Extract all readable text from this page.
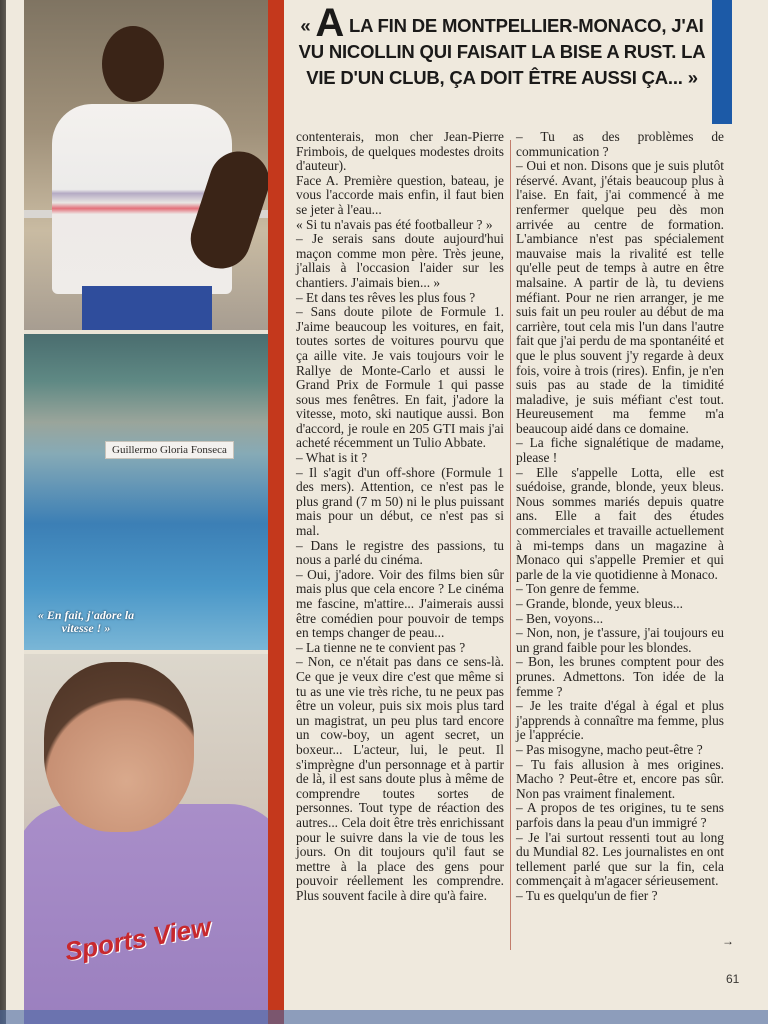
Guillermo Gloria Fonseca
« En fait, j'adore la vitesse ! »
Sports View
« A LA FIN DE MONTPELLIER-MONACO, J'AI VU NICOLLIN QUI FAISAIT LA BISE A RUST. LA VIE D'UN CLUB, ÇA DOIT ÊTRE AUSSI ÇA... »

contenterais, mon cher Jean-Pierre Frimbois, de quelques modestes droits d'auteur).

Face A. Première question, bateau, je vous l'accorde mais enfin, il faut bien se jeter à l'eau...

« Si tu n'avais pas été footballeur ? »

– Je serais sans doute aujourd'hui maçon comme mon père. Très jeune, j'allais à l'occasion l'aider sur les chantiers. J'aimais bien... »

– Et dans tes rêves les plus fous ?

– Sans doute pilote de Formule 1. J'aime beaucoup les voitures, en fait, toutes sortes de voitures pourvu que ça aille vite. Je vais toujours voir le Rallye de Monte-Carlo et aussi le Grand Prix de Formule 1 qui passe sous mes fenêtres. En fait, j'adore la vitesse, moto, ski nautique aussi. Bon d'accord, je roule en 205 GTI mais j'ai acheté récemment un Tulio Abbate.

– What is it ?

– Il s'agit d'un off-shore (Formule 1 des mers). Attention, ce n'est pas le plus grand (7 m 50) ni le plus puissant mais pour un début, ce n'est pas si mal.

– Dans le registre des passions, tu nous a parlé du cinéma.

– Oui, j'adore. Voir des films bien sûr mais plus que cela encore ? Le cinéma me fascine, m'attire... J'aimerais aussi être comédien pour pouvoir de temps en temps changer de peau...

– La tienne ne te convient pas ?

– Non, ce n'était pas dans ce sens-là. Ce que je veux dire c'est que même si tu as une vie très riche, tu ne peux pas être un voleur, puis six mois plus tard un magistrat, un peu plus tard encore un cow-boy, un agent secret, un boxeur... L'acteur, lui, le peut. Il s'imprègne d'un personnage et à partir de là, il est sans doute plus à même de comprendre toutes sortes de personnes. Tout type de réaction des autres... Cela doit être très enrichissant pour le suivre dans la vie de tous les jours. On dit toujours qu'il faut se mettre à la place des gens pour pouvoir réellement les comprendre. Plus souvent facile à dire qu'à faire.

– Tu as des problèmes de communication ?

– Oui et non. Disons que je suis plutôt réservé. Avant, j'étais beaucoup plus à l'aise. En fait, j'ai commencé à me renfermer quelque peu dès mon arrivée au centre de formation. L'ambiance n'est pas spécialement mauvaise mais la rivalité est telle qu'elle peut de temps à autre en être malsaine. A partir de là, tu deviens méfiant. Pour ne rien arranger, je me suis fait un peu rouler au début de ma carrière, tout cela mis l'un dans l'autre fait que j'ai perdu de ma spontanéité et que le plus souvent j'y regarde à deux fois, voire à trois (rires). Enfin, je n'en suis pas au stade de la timidité maladive, je suis méfiant c'est tout. Heureusement ma femme m'a beaucoup aidé dans ce domaine.

– La fiche signalétique de madame, please !

– Elle s'appelle Lotta, elle est suédoise, grande, blonde, yeux bleus. Nous sommes mariés depuis quatre ans. Elle a fait des études commerciales et travaille actuellement à mi-temps dans un magazine à Monaco qui s'appelle Premier et qui parle de la vie quotidienne à Monaco.

– Ton genre de femme.

– Grande, blonde, yeux bleus...

– Ben, voyons...

– Non, non, je t'assure, j'ai toujours eu un grand faible pour les blondes.

– Bon, les brunes comptent pour des prunes. Admettons. Ton idée de la femme ?

– Je les traite d'égal à égal et plus j'apprends à connaître ma femme, plus je l'apprécie.

– Pas misogyne, macho peut-être ?

– Tu fais allusion à mes origines. Macho ? Peut-être et, encore pas sûr. Non pas vraiment finalement.

– A propos de tes origines, tu te sens parfois dans la peau d'un immigré ?

– Je l'ai surtout ressenti tout au long du Mundial 82. Les journalistes en ont tellement parlé que sur la fin, cela commençait à m'agacer sérieusement.

– Tu es quelqu'un de fier ?

→
61
